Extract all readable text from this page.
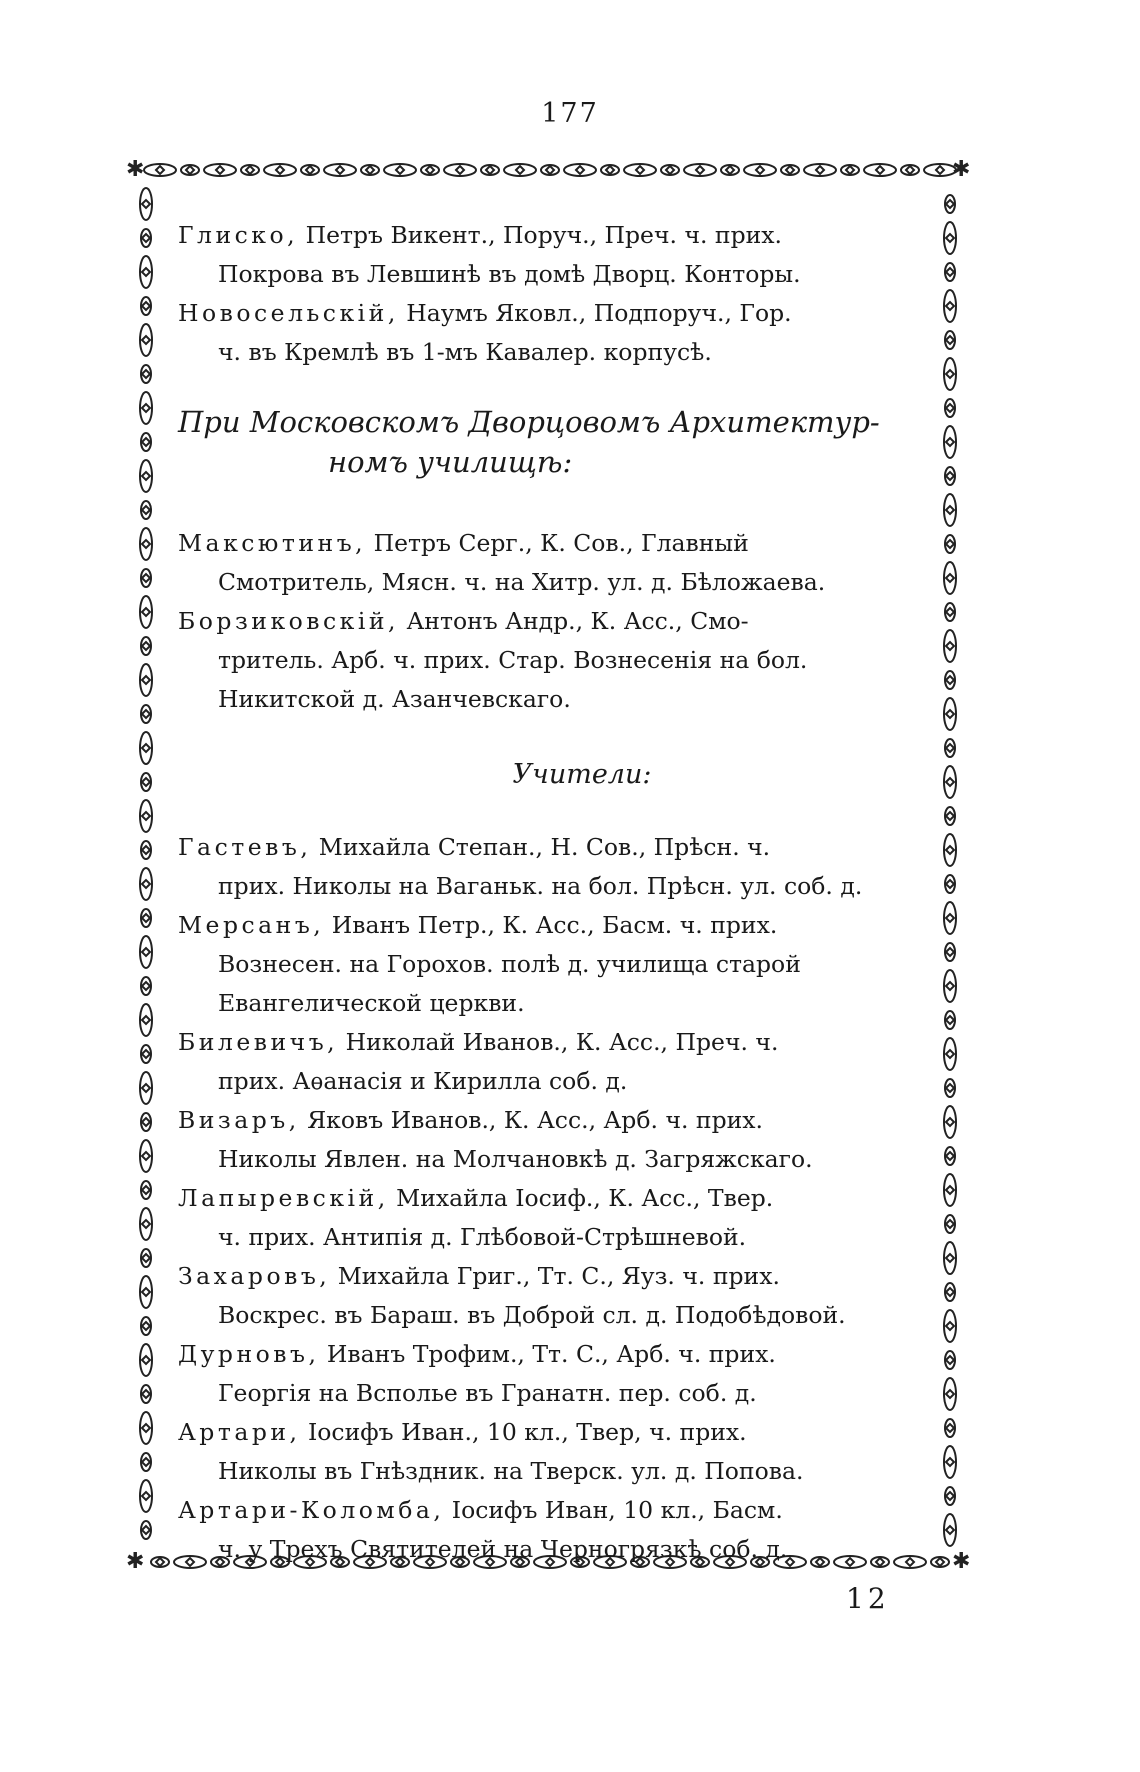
177
✱	✱
✱	✱

Глиско, Петръ Викент., Поруч., Преч. ч. прих.
Покрова въ Левшинѣ въ домѣ Дворц. Конторы.

Новосельскій, Наумъ Яковл., Подпоруч., Гор.
ч. въ Кремлѣ въ 1-мъ Кавалер. корпусѣ.

При Московскомъ Дворцовомъ Архитектур-
номъ училищѣ:

Максютинъ, Петръ Серг., К. Сов., Главный
Смотритель, Мясн. ч. на Хитр. ул. д. Бѣложаева.

Борзиковскій, Антонъ Андр., К. Асс., Смо-
тритель. Арб. ч. прих. Стар. Вознесенія на бол.
Никитской д. Азанчевскаго.

Учители:

Гастевъ, Михайла Степан., Н. Сов., Прѣсн. ч.
прих. Николы на Ваганьк. на бол. Прѣсн. ул. соб. д.

Мерсанъ, Иванъ Петр., К. Асс., Басм. ч. прих.
Вознесен. на Горохов. полѣ д. училища старой
Евангелической церкви.

Билевичъ, Николай Иванов., К. Асс., Преч. ч.
прих. Аѳанасія и Кирилла соб. д.

Визаръ, Яковъ Иванов., К. Асс., Арб. ч. прих.
Николы Явлен. на Молчановкѣ д. Загряжскаго.

Лапыревскій, Михайла Іосиф., К. Асс., Твер.
ч. прих. Антипія д. Глѣбовой-Стрѣшневой.

Захаровъ, Михайла Григ., Тт. С., Яуз. ч. прих.
Воскрес. въ Бараш. въ Доброй сл. д. Подобѣдовой.

Дурновъ, Иванъ Трофим., Тт. С., Арб. ч. прих.
Георгія на Всполье въ Гранатн. пер. соб. д.

Артари, Іосифъ Иван., 10 кл., Твер, ч. прих.
Николы въ Гнѣздник. на Тверск. ул. д. Попова.

Артари-Коломба, Іосифъ Иван, 10 кл., Басм.
ч. у Трехъ Святителей на Черногрязкѣ соб. д.

12
